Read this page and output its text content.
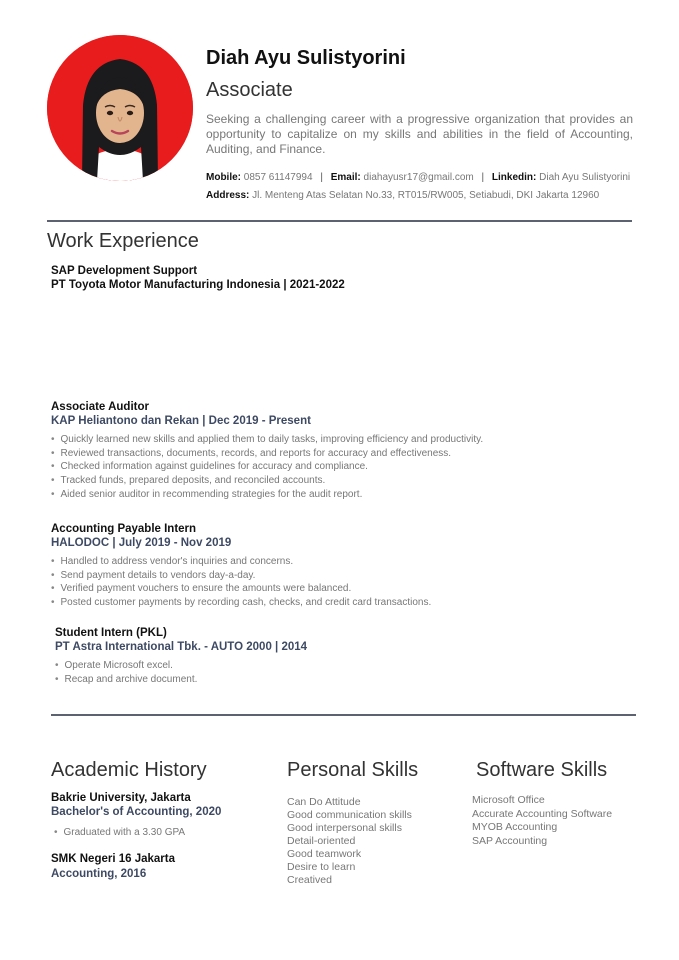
Diah Ayu Sulistyorini
Associate
Seeking a challenging career with a progressive organization that provides an opportunity to capitalize on my skills and abilities in the field of Accounting, Auditing, and Finance.
Mobile: 0857 61147994 | Email: diahayusr17@gmail.com | Linkedin: Diah Ayu Sulistyorini
Address: Jl. Menteng Atas Selatan No.33, RT015/RW005, Setiabudi, DKI Jakarta 12960
Work Experience
SAP Development Support
PT Toyota Motor Manufacturing Indonesia | 2021-2022
Associate Auditor
KAP Heliantono dan Rekan | Dec 2019 - Present
• Quickly learned new skills and applied them to daily tasks, improving efficiency and productivity.
• Reviewed transactions, documents, records, and reports for accuracy and effectiveness.
• Checked information against guidelines for accuracy and compliance.
• Tracked funds, prepared deposits, and reconciled accounts.
• Aided senior auditor in recommending strategies for the audit report.
Accounting Payable Intern
HALODOC | July 2019 - Nov 2019
• Handled to address vendor's inquiries and concerns.
• Send payment details to vendors day-a-day.
• Verified payment vouchers to ensure the amounts were balanced.
• Posted customer payments by recording cash, checks, and credit card transactions.
Student Intern (PKL)
PT Astra International Tbk. - AUTO 2000 | 2014
• Operate Microsoft excel.
• Recap and archive document.
Academic History
Bakrie University, Jakarta
Bachelor's of Accounting, 2020
• Graduated with a 3.30 GPA
SMK Negeri 16 Jakarta
Accounting, 2016
Personal Skills
Can Do Attitude
Good communication skills
Good interpersonal skills
Detail-oriented
Good teamwork
Desire to learn
Creatived
Software Skills
Microsoft Office
Accurate Accounting Software
MYOB Accounting
SAP Accounting
